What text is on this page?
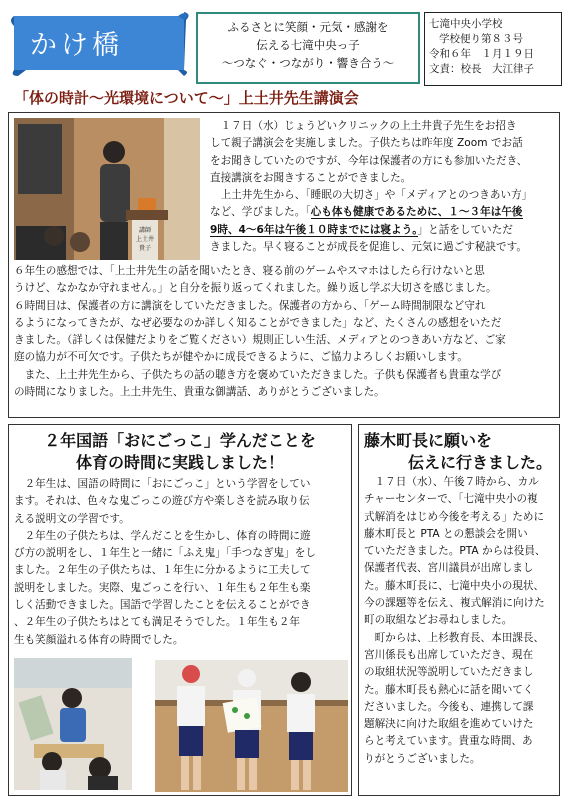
かけ橋
ふるさとに笑顔・元気・感謝を
伝える七滝中央っ子
〜つなぐ・つながり・響き合う〜
七滝中央小学校
学校便り第８３号
令和６年　１月１９日
文責：校長　大江律子
「体の時計〜光環境について〜」上土井先生講演会
講師
上土井
貴子
　１７日（水）じょうどいクリニックの上土井貴子先生をお招き
して親子講演会を実施しました。子供たちは昨年度 Zoom でお話
をお聞きしていたのですが、今年は保護者の方にも参加いただき、
直接講演をお聞きすることができました。
　上土井先生から、「睡眠の大切さ」や「メディアとのつきあい方」
など、学びました。「心も体も健康であるために、１〜３年は午後
9時、4〜6年は午後１０時までには寝よう。」と話をしていただ
きました。早く寝ることが成長を促進し、元気に過ごす秘訣です。
６年生の感想では、「上土井先生の話を聞いたとき、寝る前のゲームやスマホはしたら行けないと思
うけど、なかなか守れません。」と自分を振り返ってくれました。繰り返し学ぶ大切さを感じました。
６時間目は、保護者の方に講演をしていただきました。保護者の方から、「ゲーム時間制限など守れ
るようになってきたが、なぜ必要なのか詳しく知ることができました」など、たくさんの感想をいただ
きました。（詳しくは保健だよりをご覧ください）規則正しい生活、メディアとのつきあい方など、ご家
庭の協力が不可欠です。子供たちが健やかに成長できるように、ご協力よろしくお願いします。
　また、上土井先生から、子供たちの話の聴き方を褒めていただきました。子供も保護者も貴重な学び
の時間になりました。上土井先生、貴重な御講話、ありがとうございました。
２年国語「おにごっこ」学んだことを
体育の時間に実践しました！
　２年生は、国語の時間に「おにごっこ」という学習をしてい
ます。それは、色々な鬼ごっこの遊び方や楽しさを読み取り伝
える説明文の学習です。
　２年生の子供たちは、学んだことを生かし、体育の時間に遊
び方の説明をし、１年生と一緒に「ふえ鬼」「手つなぎ鬼」をし
ました。２年生の子供たちは、１年生に分かるように工夫して
説明をしました。実際、鬼ごっこを行い、１年生も２年生も楽
しく活動できました。国語で学習したことを伝えることができ
、２年生の子供たちはとても満足そうでした。１年生も２年
生も笑顔溢れる体育の時間でした。
藤木町長に願いを
伝えに行きました。
　１７日（水）、午後７時から、カル
チャーセンターで、「七滝中央小の複
式解消をはじめ今後を考える」ために
藤木町長と PTA との懇談会を開い
ていただきました。PTA からは役員、
保護者代表、宮川議員が出席しまし
た。藤木町長に、七滝中央小の現状、
今の課題等を伝え、複式解消に向けた
町の取組などお尋ねしました。
　町からは、上杉教育長、本田課長、
宮川係長も出席していただき、現在
の取組状況等説明していただきまし
た。藤木町長も熱心に話を聞いてく
ださいました。今後も、連携して課
題解決に向けた取組を進めていけた
らと考えています。貴重な時間、あ
りがとうございました。
